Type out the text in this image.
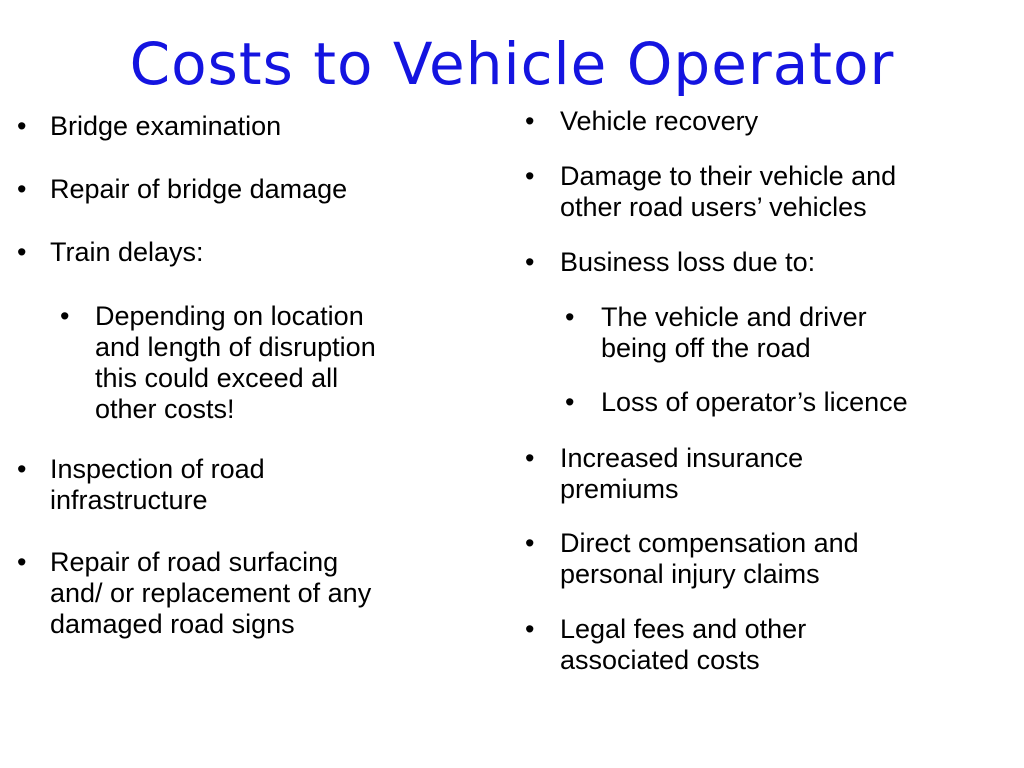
Costs to Vehicle Operator
• Bridge examination
• Repair of bridge damage
• Train delays:
• Depending on location
and length of disruption
this could exceed all
other costs!
• Inspection of road
infrastructure
• Repair of road surfacing
and/ or replacement of any
damaged road signs
• Vehicle recovery
• Damage to their vehicle and
other road users’ vehicles
• Business loss due to:
• The vehicle and driver
being off the road
• Loss of operator’s licence
• Increased insurance
premiums
• Direct compensation and
personal injury claims
• Legal fees and other
associated costs
